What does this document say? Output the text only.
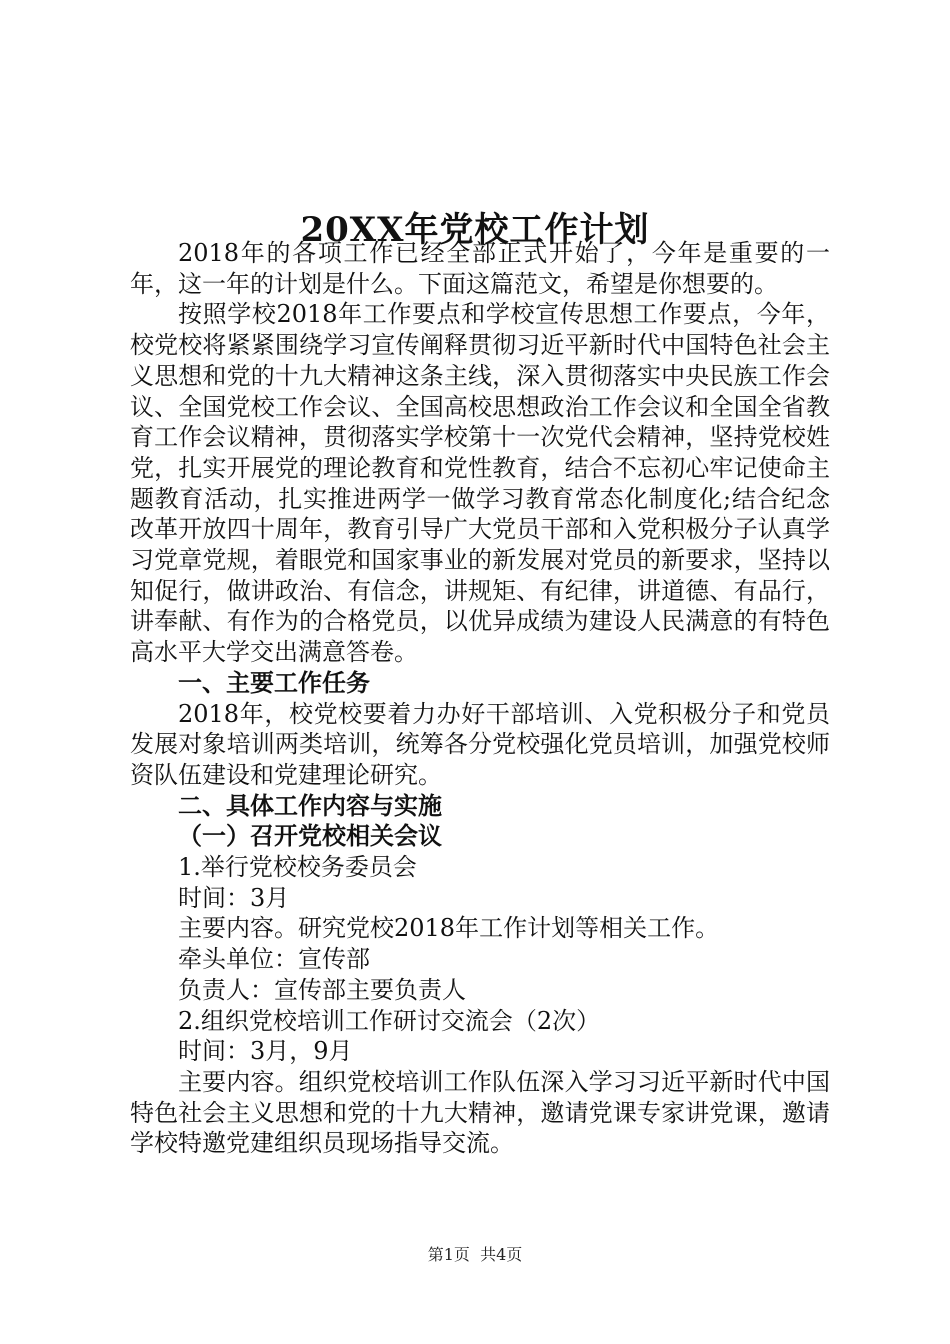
20XX年党校工作计划

2018年的各项工作已经全部正式开始了，今年是重要的一年，这一年的计划是什么。下面这篇范文，希望是你想要的。

按照学校2018年工作要点和学校宣传思想工作要点，今年，校党校将紧紧围绕学习宣传阐释贯彻习近平新时代中国特色社会主义思想和党的十九大精神这条主线，深入贯彻落实中央民族工作会议、全国党校工作会议、全国高校思想政治工作会议和全国全省教育工作会议精神，贯彻落实学校第十一次党代会精神，坚持党校姓党，扎实开展党的理论教育和党性教育，结合不忘初心牢记使命主题教育活动，扎实推进两学一做学习教育常态化制度化;结合纪念改革开放四十周年，教育引导广大党员干部和入党积极分子认真学习党章党规，着眼党和国家事业的新发展对党员的新要求，坚持以知促行，做讲政治、有信念，讲规矩、有纪律，讲道德、有品行，讲奉献、有作为的合格党员，以优异成绩为建设人民满意的有特色高水平大学交出满意答卷。

一、主要工作任务

2018年，校党校要着力办好干部培训、入党积极分子和党员发展对象培训两类培训，统筹各分党校强化党员培训，加强党校师资队伍建设和党建理论研究。

二、具体工作内容与实施

（一）召开党校相关会议

1.举行党校校务委员会

时间：3月

主要内容。研究党校2018年工作计划等相关工作。

牵头单位：宣传部

负责人：宣传部主要负责人

2.组织党校培训工作研讨交流会（2次）

时间：3月，9月

主要内容。组织党校培训工作队伍深入学习习近平新时代中国特色社会主义思想和党的十九大精神，邀请党课专家讲党课，邀请学校特邀党建组织员现场指导交流。

第1页 共4页
